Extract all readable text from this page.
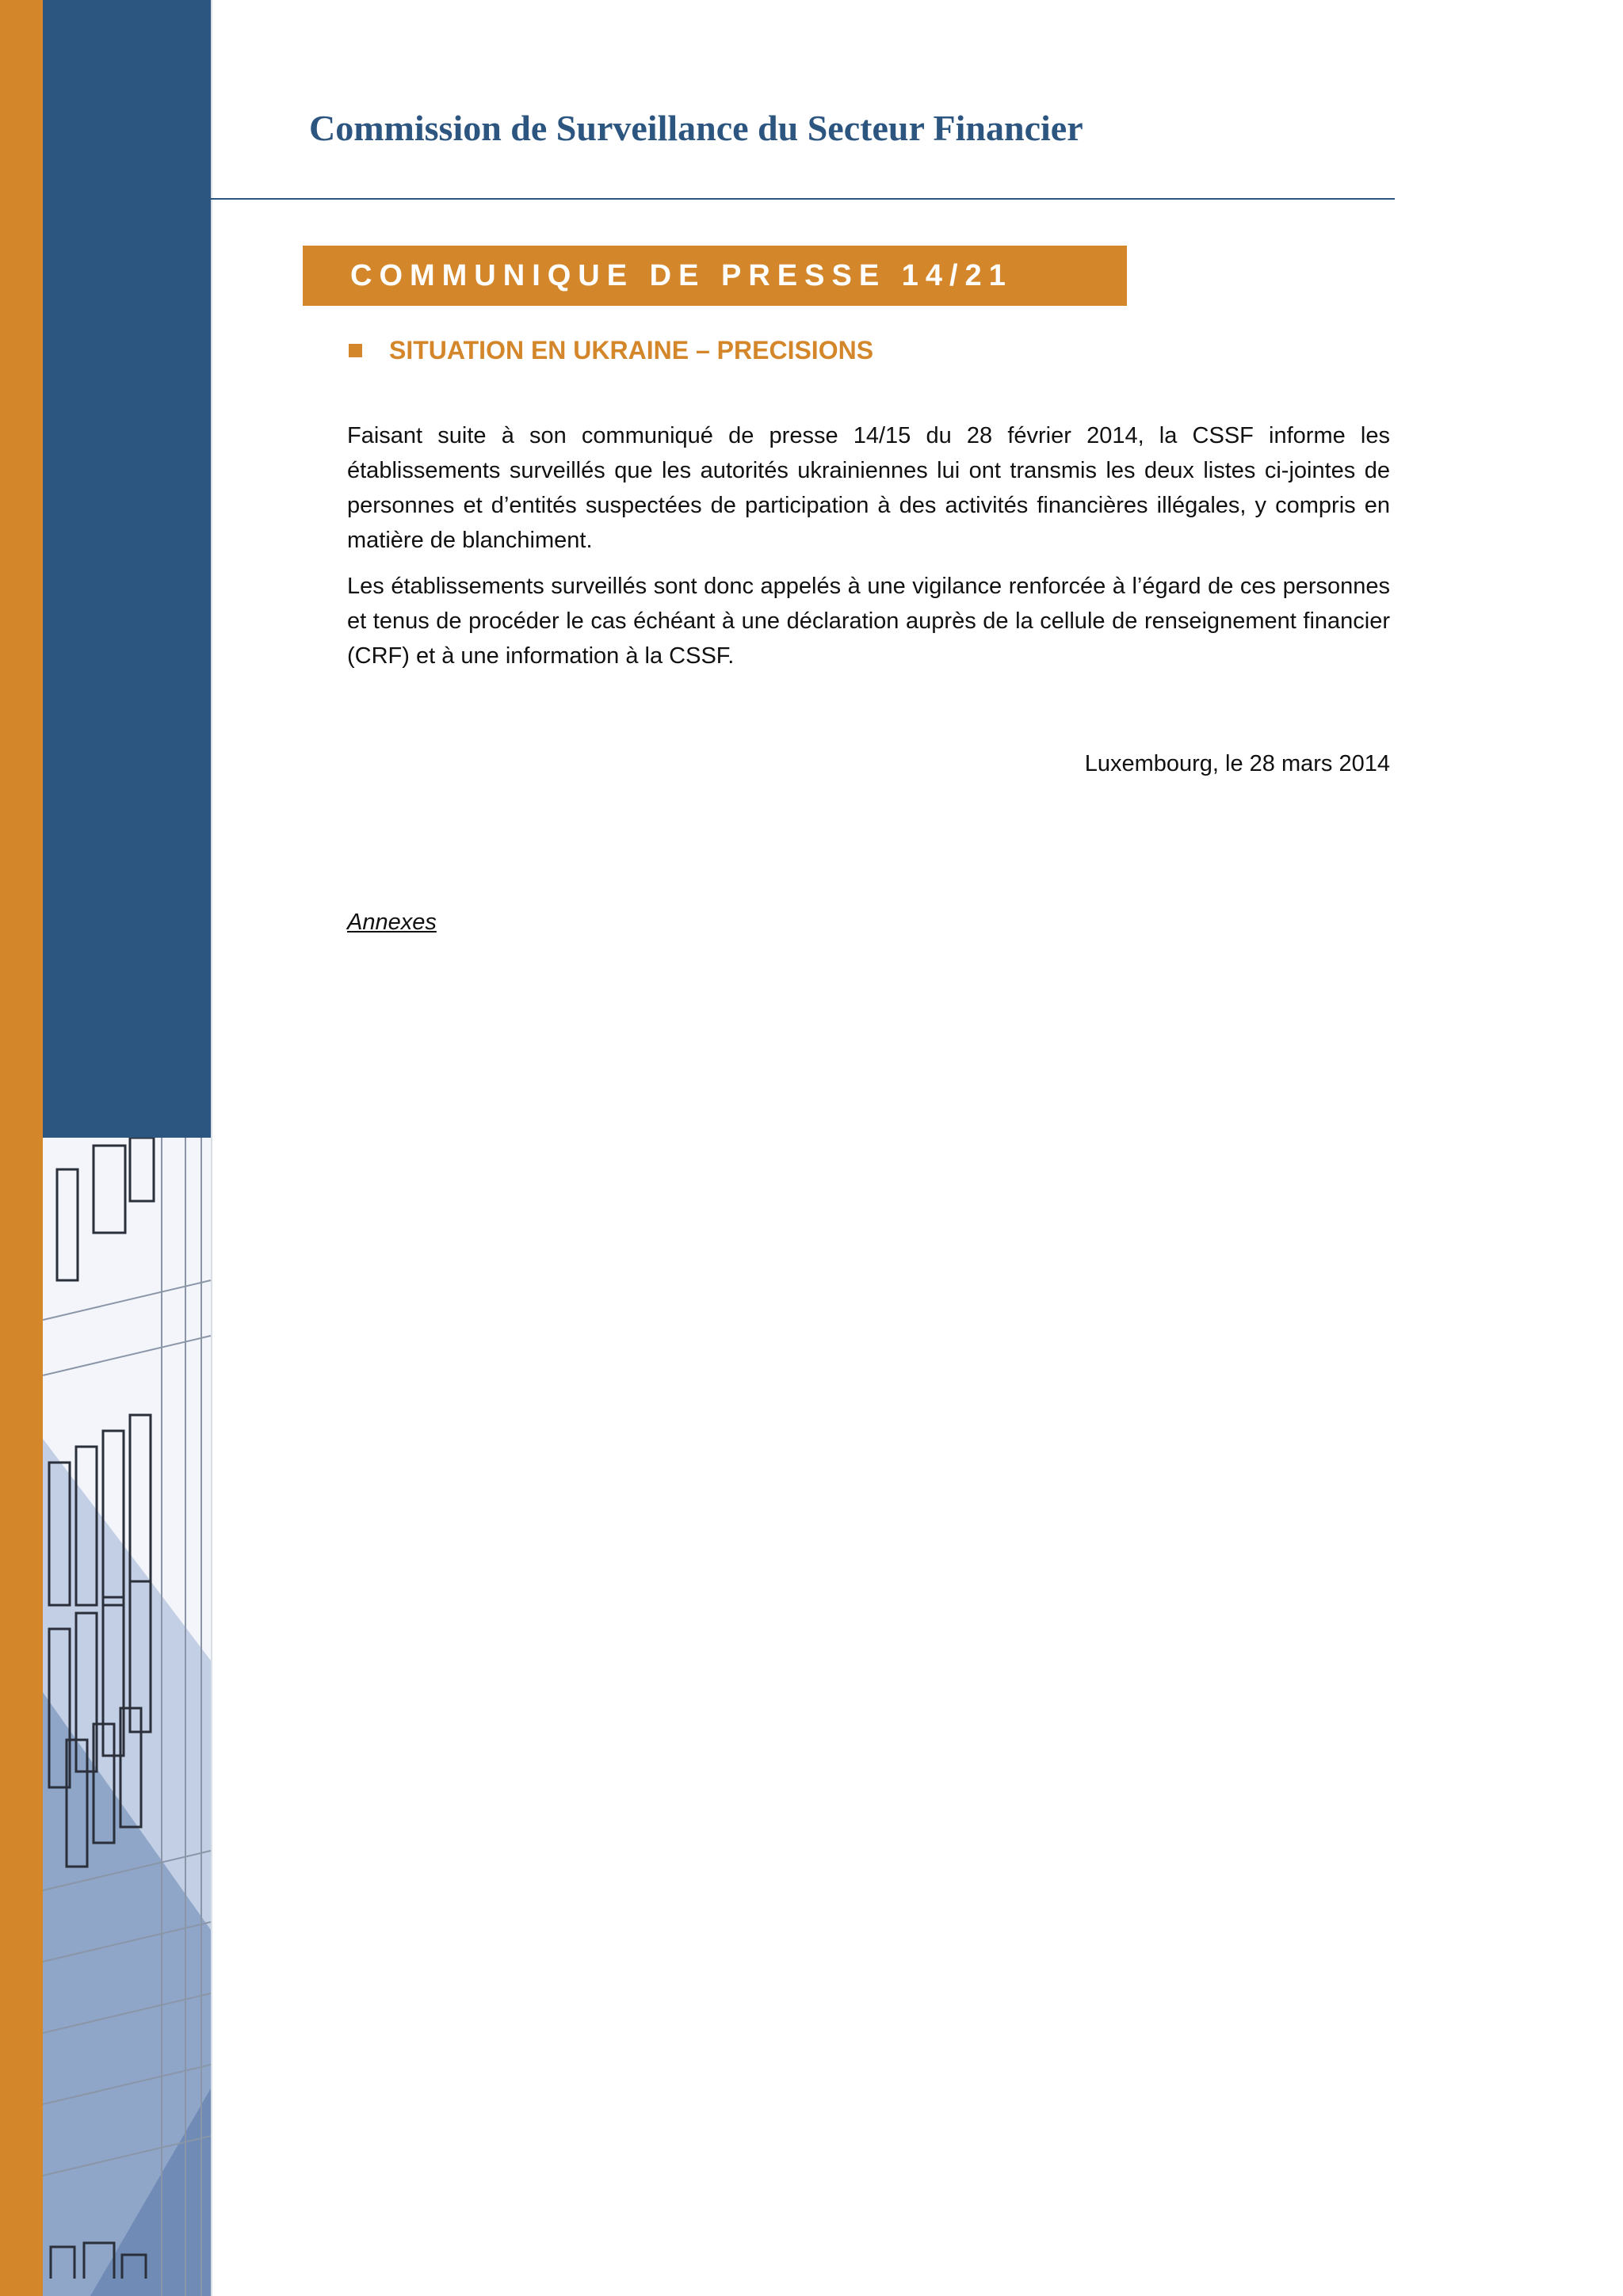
Commission de Surveillance du Secteur Financier
COMMUNIQUE DE PRESSE 14/21
SITUATION EN UKRAINE – PRECISIONS

Faisant suite à son communiqué de presse 14/15 du 28 février 2014, la CSSF informe les établissements surveillés que les autorités ukrainiennes lui ont transmis les deux listes ci-jointes de personnes et d’entités suspectées de participation à des activités financières illégales, y compris en matière de blanchiment.

Les établissements surveillés sont donc appelés à une vigilance renforcée à l’égard de ces personnes et tenus de procéder le cas échéant à une déclaration auprès de la cellule de renseignement financier (CRF) et à une information à la CSSF.

Luxembourg, le 28 mars 2014
Annexes
